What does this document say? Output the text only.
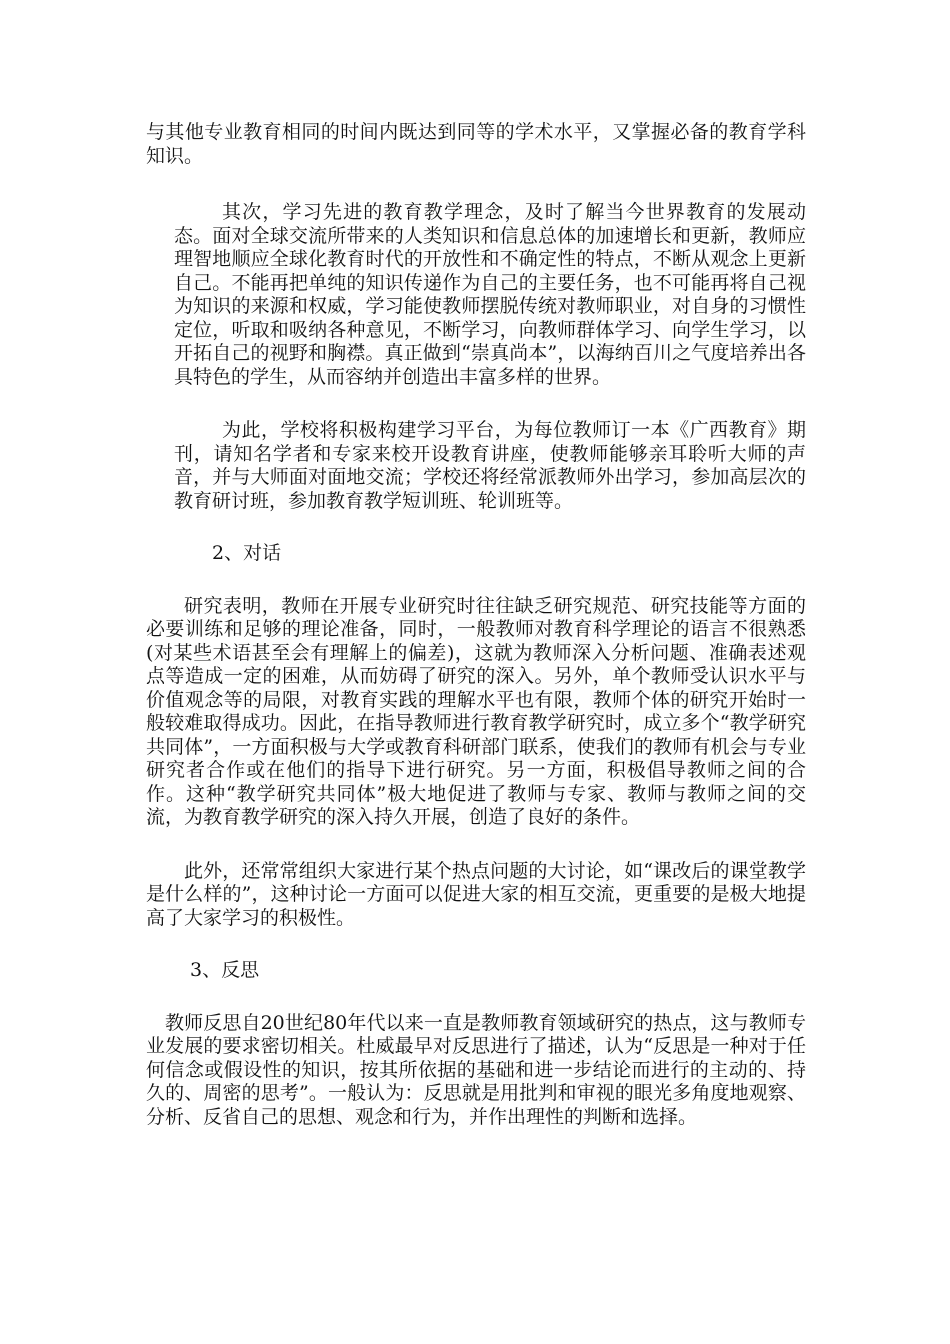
与其他专业教育相同的时间内既达到同等的学术水平，又掌握必备的教育学科知识。

其次，学习先进的教育教学理念，及时了解当今世界教育的发展动态。面对全球交流所带来的人类知识和信息总体的加速增长和更新，教师应理智地顺应全球化教育时代的开放性和不确定性的特点，不断从观念上更新自己。不能再把单纯的知识传递作为自己的主要任务，也不可能再将自己视为知识的来源和权威，学习能使教师摆脱传统对教师职业，对自身的习惯性定位，听取和吸纳各种意见，不断学习，向教师群体学习、向学生学习，以开拓自己的视野和胸襟。真正做到“崇真尚本”，以海纳百川之气度培养出各具特色的学生，从而容纳并创造出丰富多样的世界。

为此，学校将积极构建学习平台，为每位教师订一本《广西教育》期刊，请知名学者和专家来校开设教育讲座，使教师能够亲耳聆听大师的声音，并与大师面对面地交流；学校还将经常派教师外出学习，参加高层次的教育研讨班，参加教育教学短训班、轮训班等。

2、对话

研究表明，教师在开展专业研究时往往缺乏研究规范、研究技能等方面的必要训练和足够的理论准备，同时，一般教师对教育科学理论的语言不很熟悉(对某些术语甚至会有理解上的偏差)，这就为教师深入分析问题、准确表述观点等造成一定的困难，从而妨碍了研究的深入。另外，单个教师受认识水平与价值观念等的局限，对教育实践的理解水平也有限，教师个体的研究开始时一般较难取得成功。因此，在指导教师进行教育教学研究时，成立多个“教学研究共同体”，一方面积极与大学或教育科研部门联系，使我们的教师有机会与专业研究者合作或在他们的指导下进行研究。另一方面，积极倡导教师之间的合作。这种“教学研究共同体”极大地促进了教师与专家、教师与教师之间的交流，为教育教学研究的深入持久开展，创造了良好的条件。

此外，还常常组织大家进行某个热点问题的大讨论，如“课改后的课堂教学是什么样的”，这种讨论一方面可以促进大家的相互交流，更重要的是极大地提高了大家学习的积极性。

3、反思

教师反思自20世纪80年代以来一直是教师教育领域研究的热点，这与教师专业发展的要求密切相关。杜威最早对反思进行了描述，认为“反思是一种对于任何信念或假设性的知识，按其所依据的基础和进一步结论而进行的主动的、持久的、周密的思考”。一般认为：反思就是用批判和审视的眼光多角度地观察、分析、反省自己的思想、观念和行为，并作出理性的判断和选择。
